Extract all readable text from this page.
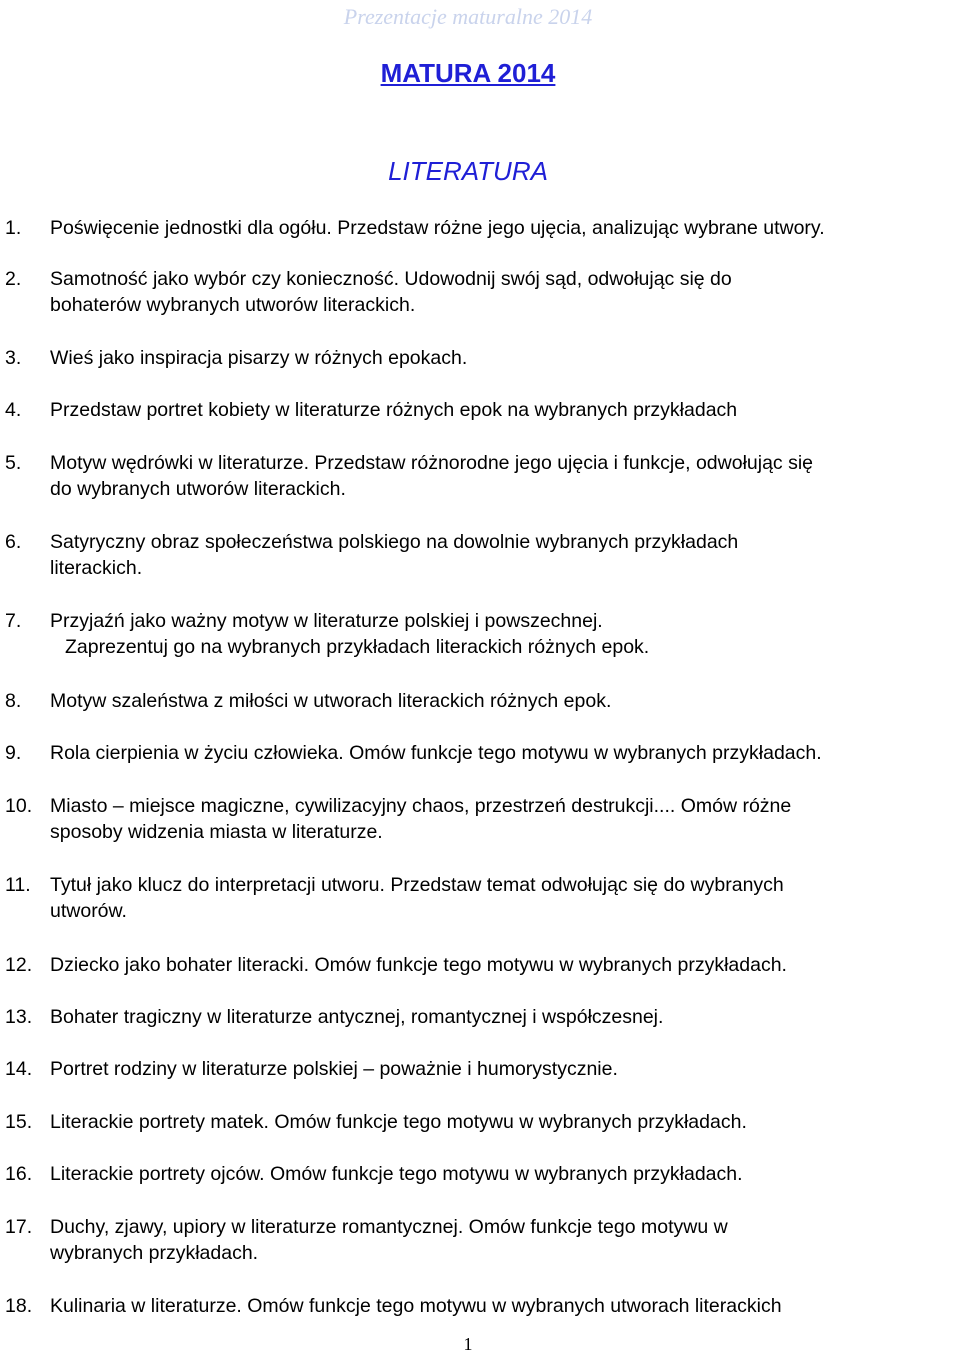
Prezentacje maturalne 2014
MATURA 2014
LITERATURA
1. 1. Poświęcenie jednostki dla ogółu. Przedstaw różne jego ujęcia, analizując wybrane utwory.
2. 2. Samotność jako wybór czy konieczność. Udowodnij swój sąd, odwołując się do
bohaterów wybranych utworów literackich.
3. 3. Wieś jako inspiracja pisarzy w różnych epokach.
4. 4. Przedstaw portret kobiety w literaturze różnych epok na wybranych przykładach
5. 5. Motyw wędrówki w literaturze. Przedstaw różnorodne jego ujęcia i funkcje, odwołując się
do wybranych utworów literackich.
6. 6. Satyryczny obraz społeczeństwa polskiego na dowolnie wybranych przykładach
literackich.
7. 7. Przyjaźń jako ważny motyw w literaturze polskiej i powszechnej.
Zaprezentuj go na wybranych przykładach literackich różnych epok.
8. 8. Motyw szaleństwa z miłości w utworach literackich różnych epok.
9. 9. Rola cierpienia w życiu człowieka. Omów funkcje tego motywu w wybranych przykładach.
10. 10. Miasto – miejsce magiczne, cywilizacyjny chaos, przestrzeń destrukcji.... Omów różne
sposoby widzenia miasta w literaturze.
11. 11. Tytuł jako klucz do interpretacji utworu. Przedstaw temat odwołując się do wybranych
utworów.
12. 12. Dziecko jako bohater literacki. Omów funkcje tego motywu w wybranych przykładach.
13. 13. Bohater tragiczny w literaturze antycznej, romantycznej i współczesnej.
14. 14. Portret rodziny w literaturze polskiej – poważnie i humorystycznie.
15. 15. Literackie portrety matek. Omów funkcje tego motywu w wybranych przykładach.
16. 16. Literackie portrety ojców. Omów funkcje tego motywu w wybranych przykładach.
17. 17. Duchy, zjawy, upiory w literaturze romantycznej. Omów funkcje tego motywu w
wybranych przykładach.
18. 18. Kulinaria w literaturze. Omów funkcje tego motywu w wybranych utworach literackich
1
